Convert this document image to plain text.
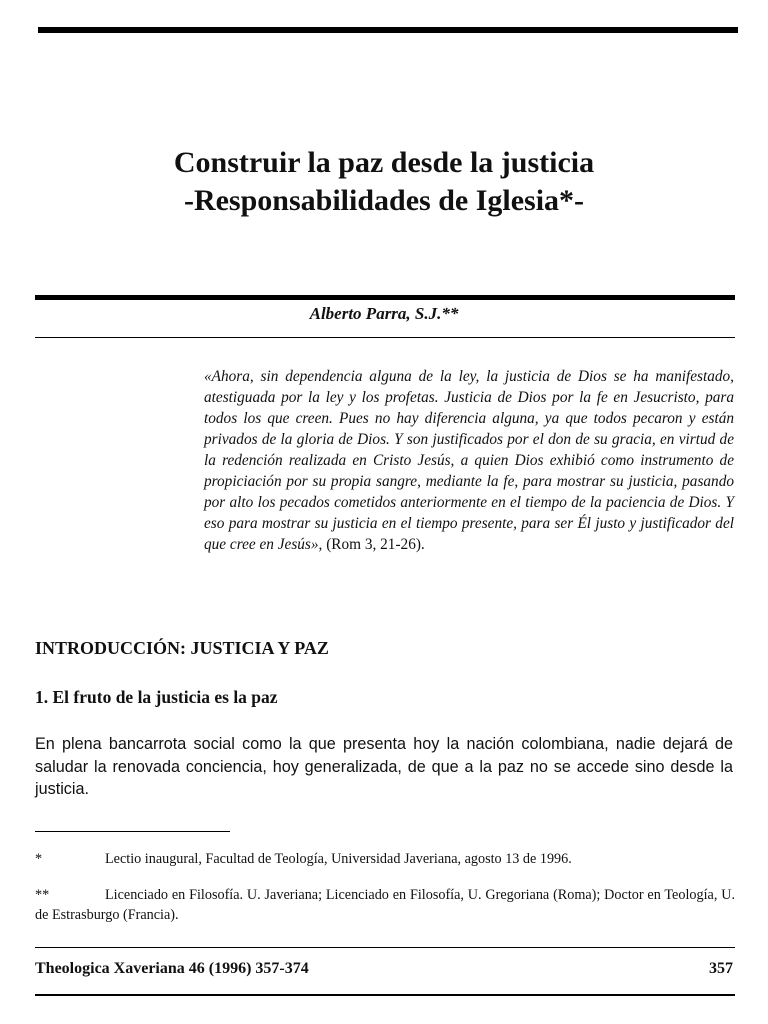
Construir la paz desde la justicia
-Responsabilidades de Iglesia*-
Alberto Parra, S.J.**
«Ahora, sin dependencia alguna de la ley, la justicia de Dios se ha manifestado, atestiguada por la ley y los profetas. Justicia de Dios por la fe en Jesucristo, para todos los que creen. Pues no hay diferencia alguna, ya que todos pecaron y están privados de la gloria de Dios. Y son justificados por el don de su gracia, en virtud de la redención realizada en Cristo Jesús, a quien Dios exhibió como instrumento de propiciación por su propia sangre, mediante la fe, para mostrar su justicia, pasando por alto los pecados cometidos anteriormente en el tiempo de la paciencia de Dios. Y eso para mostrar su justicia en el tiempo presente, para ser Él justo y justificador del que cree en Jesús», (Rom 3, 21-26).
INTRODUCCIÓN: JUSTICIA Y PAZ
1. El fruto de la justicia es la paz
En plena bancarrota social como la que presenta hoy la nación colombiana, nadie dejará de saludar la renovada conciencia, hoy generalizada, de que a la paz no se accede sino desde la justicia.
*	Lectio inaugural, Facultad de Teología, Universidad Javeriana, agosto 13 de 1996.
**	Licenciado en Filosofía. U. Javeriana; Licenciado en Filosofía, U. Gregoriana (Roma); Doctor en Teología, U. de Estrasburgo (Francia).
Theologica Xaveriana 46 (1996) 357-374	357
